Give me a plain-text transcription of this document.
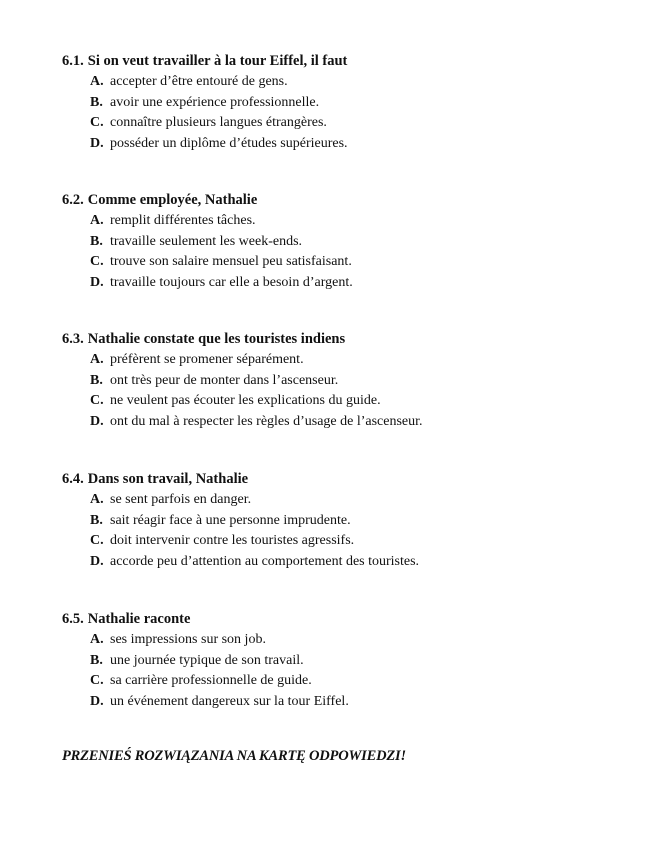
6.1. Si on veut travailler à la tour Eiffel, il faut
A. accepter d’être entouré de gens.
B. avoir une expérience professionnelle.
C. connaître plusieurs langues étrangères.
D. posséder un diplôme d’études supérieures.
6.2. Comme employée, Nathalie
A. remplit différentes tâches.
B. travaille seulement les week-ends.
C. trouve son salaire mensuel peu satisfaisant.
D. travaille toujours car elle a besoin d’argent.
6.3. Nathalie constate que les touristes indiens
A. préfèrent se promener séparément.
B. ont très peur de monter dans l’ascenseur.
C. ne veulent pas écouter les explications du guide.
D. ont du mal à respecter les règles d’usage de l’ascenseur.
6.4. Dans son travail, Nathalie
A. se sent parfois en danger.
B. sait réagir face à une personne imprudente.
C. doit intervenir contre les touristes agressifs.
D. accorde peu d’attention au comportement des touristes.
6.5. Nathalie raconte
A. ses impressions sur son job.
B. une journée typique de son travail.
C. sa carrière professionnelle de guide.
D. un événement dangereux sur la tour Eiffel.
PRZENIEŚ ROZWIĄZANIA NA KARTĘ ODPOWIEDZI!
